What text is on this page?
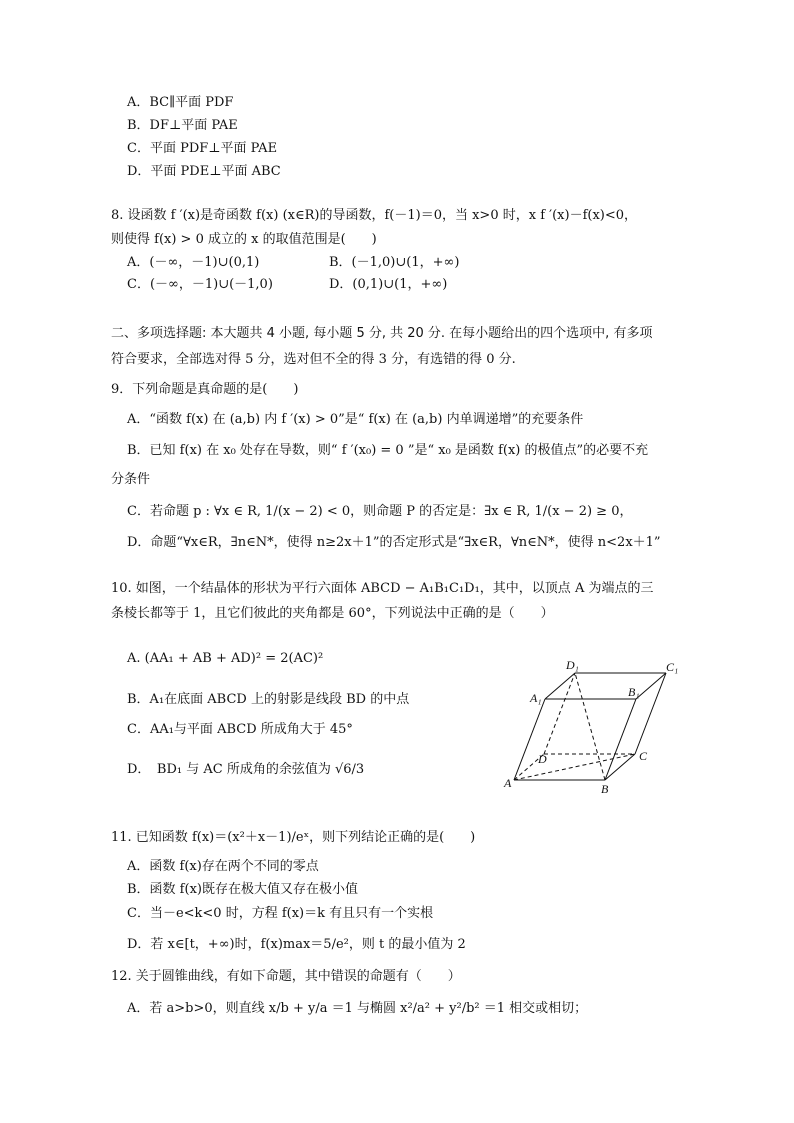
A．BC∥平面 PDF
B．DF⊥平面 PAE
C．平面 PDF⊥平面 PAE
D．平面 PDE⊥平面 ABC
8. 设函数 f ′(x)是奇函数 f(x) (x∈R)的导函数，f(－1)＝0，当 x>0 时，x f ′(x)－f(x)<0，
则使得 f(x) > 0 成立的 x 的取值范围是(　　)
A．(－∞，－1)∪(0,1)	B．(－1,0)∪(1，+∞)
C．(－∞，－1)∪(－1,0)	D．(0,1)∪(1，+∞)
二、多项选择题: 本大题共 4 小题, 每小题 5 分, 共 20 分. 在每小题给出的四个选项中, 有多项
符合要求，全部选对得 5 分，选对但不全的得 3 分，有选错的得 0 分.
9．下列命题是真命题的是(　　)
A．“函数 f(x) 在 (a,b) 内 f ′(x) > 0”是“ f(x) 在 (a,b) 内单调递增”的充要条件
B．已知 f(x) 在 x₀ 处存在导数，则“ f ′(x₀) = 0 ”是“ x₀ 是函数 f(x) 的极值点”的必要不充
分条件
C．若命题 p : ∀x ∈ R, 1/(x − 2) < 0，则命题 P 的否定是：∃x ∈ R, 1/(x − 2) ≥ 0，
D．命题“∀x∈R，∃n∈N*，使得 n≥2x＋1”的否定形式是“∃x∈R，∀n∈N*，使得 n<2x＋1”
10. 如图，一个结晶体的形状为平行六面体 ABCD − A₁B₁C₁D₁，其中，以顶点 A 为端点的三
条棱长都等于 1，且它们彼此的夹角都是 60°，下列说法中正确的是（　　）
A. (AA₁ + AB + AD)² = 2(AC)²
B．A₁在底面 ABCD 上的射影是线段 BD 的中点
C．AA₁与平面 ABCD 所成角大于 45°
D．　BD₁ 与 AC 所成角的余弦值为 √6/3
A	B
C
D
A₁	B₁
C₁
D₁
11. 已知函数 f(x)＝(x²＋x－1)/eˣ，则下列结论正确的是(　　)
A．函数 f(x)存在两个不同的零点
B．函数 f(x)既存在极大值又存在极小值
C．当－e<k<0 时，方程 f(x)＝k 有且只有一个实根
D．若 x∈[t，+∞)时，f(x)max＝5/e²，则 t 的最小值为 2
12. 关于圆锥曲线，有如下命题，其中错误的命题有（　　）
A．若 a>b>0，则直线 x/b + y/a ＝1 与椭圆 x²/a² + y²/b² ＝1 相交或相切；
